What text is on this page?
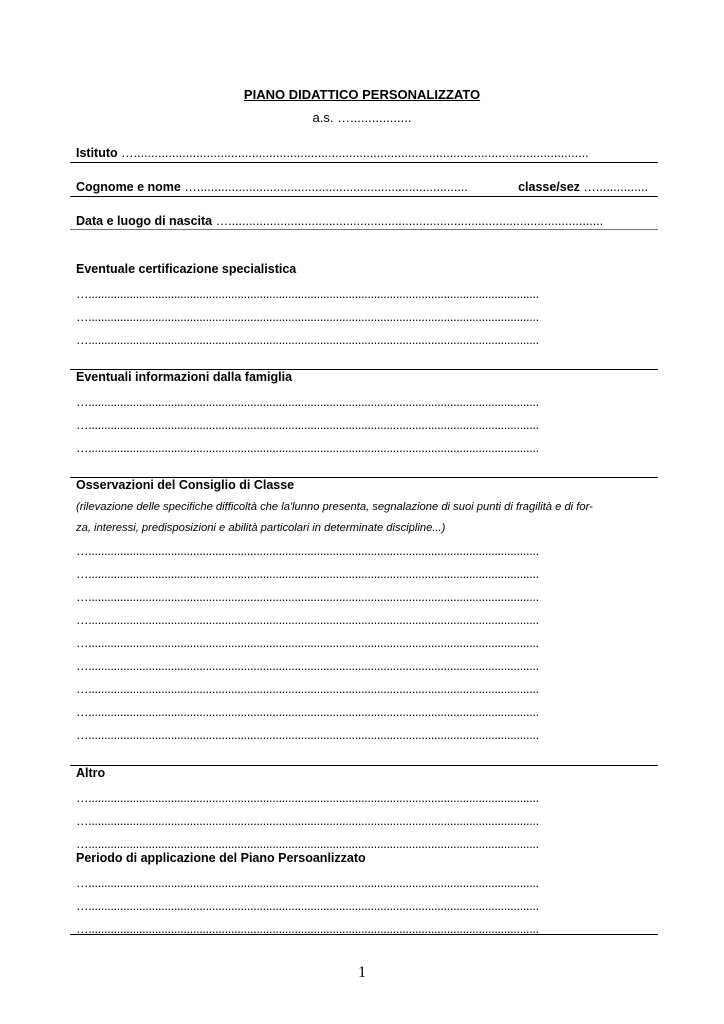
PIANO DIDATTICO PERSONALIZZATO
a.s. ….................
Istituto …...................................................................................................................................
Cognome e nome …..............................................................................	classe/sez …...............
Data e luogo di nascita …............................................................................................................
Eventuale certificazione specialistica
…..............................................................................................................................................
…..............................................................................................................................................
…..............................................................................................................................................
Eventuali informazioni dalla famiglia
…..............................................................................................................................................
…..............................................................................................................................................
…..............................................................................................................................................
Osservazioni del Consiglio di Classe
(rilevazione delle specifiche difficoltà che la'lunno presenta, segnalazione di suoi punti di fragilità e di for-
za, interessi, predisposizioni e abilità particolari in determinate discipline...)
…..............................................................................................................................................
…..............................................................................................................................................
…..............................................................................................................................................
…..............................................................................................................................................
…..............................................................................................................................................
…..............................................................................................................................................
…..............................................................................................................................................
…..............................................................................................................................................
…..............................................................................................................................................
Altro
…..............................................................................................................................................
…..............................................................................................................................................
…..............................................................................................................................................
Periodo di applicazione del Piano Persoanlizzato
…..............................................................................................................................................
…..............................................................................................................................................
…..............................................................................................................................................
1
